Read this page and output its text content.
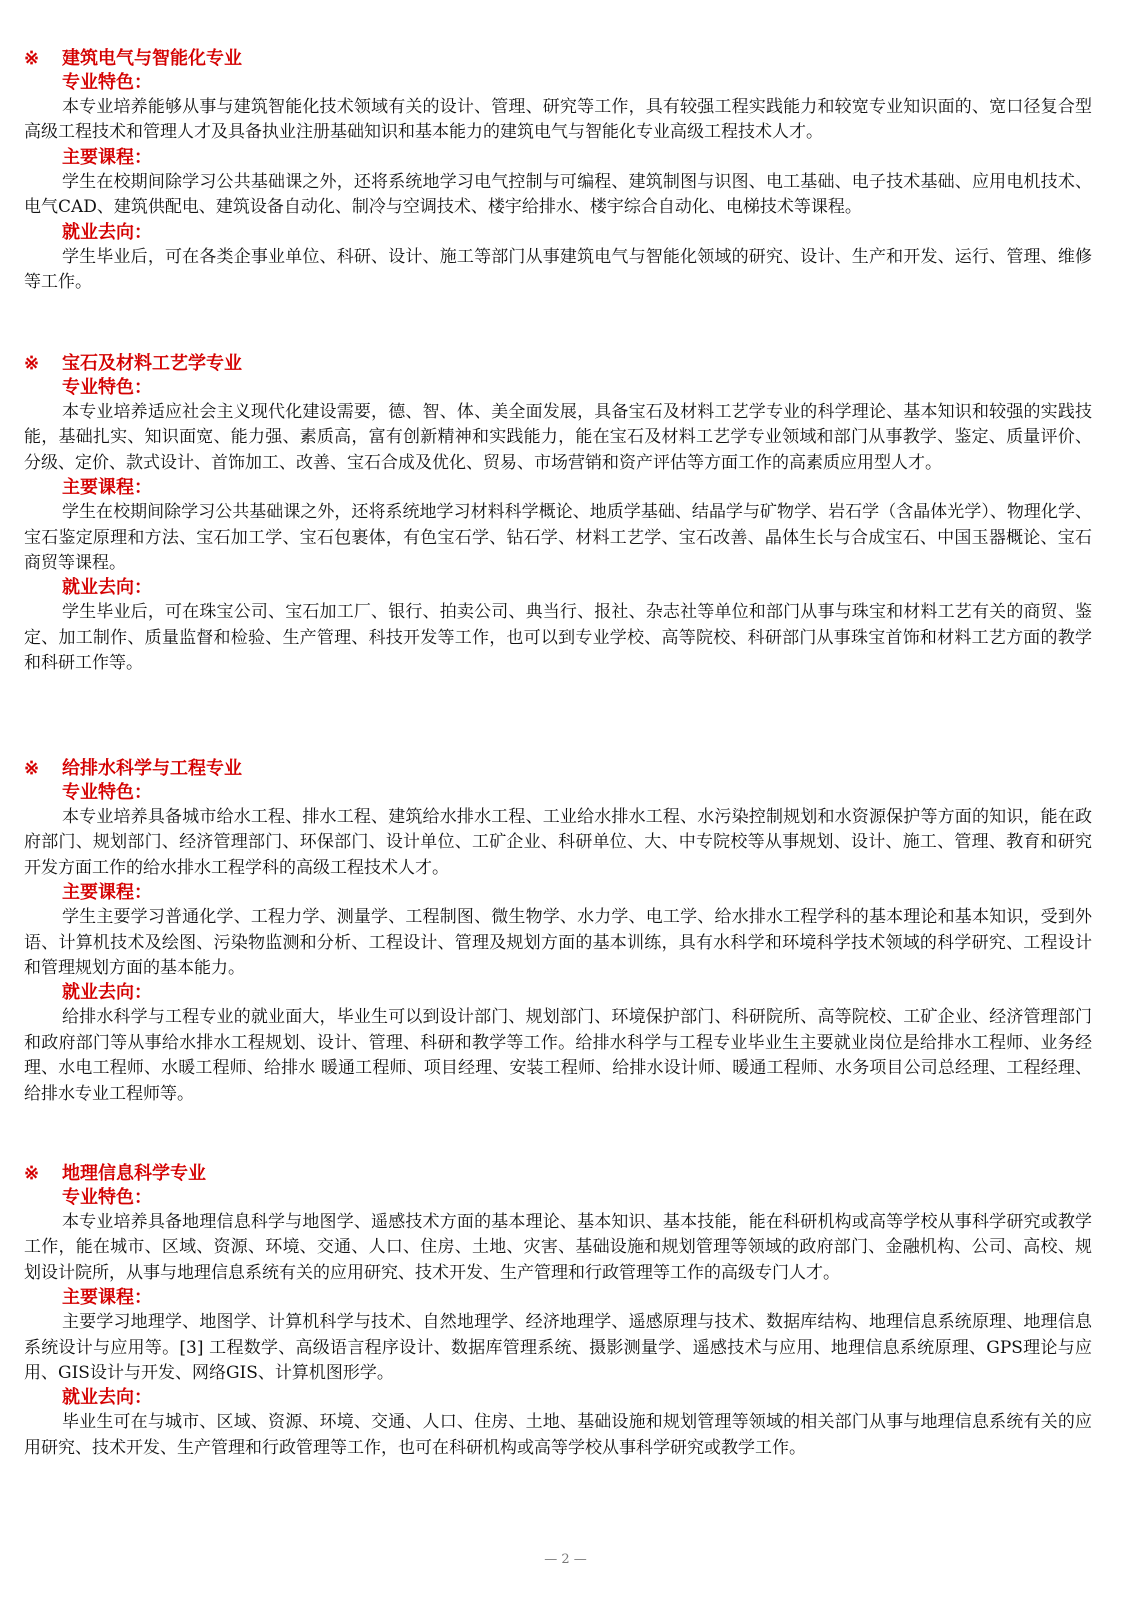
※ 建筑电气与智能化专业
专业特色：

本专业培养能够从事与建筑智能化技术领域有关的设计、管理、研究等工作，具有较强工程实践能力和较宽专业知识面的、宽口径复合型高级工程技术和管理人才及具备执业注册基础知识和基本能力的建筑电气与智能化专业高级工程技术人才。

主要课程：

学生在校期间除学习公共基础课之外，还将系统地学习电气控制与可编程、建筑制图与识图、电工基础、电子技术基础、应用电机技术、电气CAD、建筑供配电、建筑设备自动化、制冷与空调技术、楼宇给排水、楼宇综合自动化、电梯技术等课程。

就业去向：

学生毕业后，可在各类企事业单位、科研、设计、施工等部门从事建筑电气与智能化领域的研究、设计、生产和开发、运行、管理、维修等工作。

※ 宝石及材料工艺学专业
专业特色：

本专业培养适应社会主义现代化建设需要，德、智、体、美全面发展，具备宝石及材料工艺学专业的科学理论、基本知识和较强的实践技能，基础扎实、知识面宽、能力强、素质高，富有创新精神和实践能力，能在宝石及材料工艺学专业领域和部门从事教学、鉴定、质量评价、分级、定价、款式设计、首饰加工、改善、宝石合成及优化、贸易、市场营销和资产评估等方面工作的高素质应用型人才。

主要课程：

学生在校期间除学习公共基础课之外，还将系统地学习材料科学概论、地质学基础、结晶学与矿物学、岩石学（含晶体光学）、物理化学、宝石鉴定原理和方法、宝石加工学、宝石包裹体，有色宝石学、钻石学、材料工艺学、宝石改善、晶体生长与合成宝石、中国玉器概论、宝石商贸等课程。

就业去向：

学生毕业后，可在珠宝公司、宝石加工厂、银行、拍卖公司、典当行、报社、杂志社等单位和部门从事与珠宝和材料工艺有关的商贸、鉴定、加工制作、质量监督和检验、生产管理、科技开发等工作，也可以到专业学校、高等院校、科研部门从事珠宝首饰和材料工艺方面的教学和科研工作等。

※ 给排水科学与工程专业
专业特色：

本专业培养具备城市给水工程、排水工程、建筑给水排水工程、工业给水排水工程、水污染控制规划和水资源保护等方面的知识，能在政府部门、规划部门、经济管理部门、环保部门、设计单位、工矿企业、科研单位、大、中专院校等从事规划、设计、施工、管理、教育和研究开发方面工作的给水排水工程学科的高级工程技术人才。

主要课程：

学生主要学习普通化学、工程力学、测量学、工程制图、微生物学、水力学、电工学、给水排水工程学科的基本理论和基本知识，受到外语、计算机技术及绘图、污染物监测和分析、工程设计、管理及规划方面的基本训练，具有水科学和环境科学技术领域的科学研究、工程设计和管理规划方面的基本能力。

就业去向：

给排水科学与工程专业的就业面大，毕业生可以到设计部门、规划部门、环境保护部门、科研院所、高等院校、工矿企业、经济管理部门和政府部门等从事给水排水工程规划、设计、管理、科研和教学等工作。给排水科学与工程专业毕业生主要就业岗位是给排水工程师、业务经理、水电工程师、水暖工程师、给排水 暖通工程师、项目经理、安装工程师、给排水设计师、暖通工程师、水务项目公司总经理、工程经理、给排水专业工程师等。

※ 地理信息科学专业
专业特色：

本专业培养具备地理信息科学与地图学、遥感技术方面的基本理论、基本知识、基本技能，能在科研机构或高等学校从事科学研究或教学工作，能在城市、区域、资源、环境、交通、人口、住房、土地、灾害、基础设施和规划管理等领域的政府部门、金融机构、公司、高校、规划设计院所，从事与地理信息系统有关的应用研究、技术开发、生产管理和行政管理等工作的高级专门人才。

主要课程：

主要学习地理学、地图学、计算机科学与技术、自然地理学、经济地理学、遥感原理与技术、数据库结构、地理信息系统原理、地理信息系统设计与应用等。[3] 工程数学、高级语言程序设计、数据库管理系统、摄影测量学、遥感技术与应用、地理信息系统原理、GPS理论与应用、GIS设计与开发、网络GIS、计算机图形学。

就业去向：

毕业生可在与城市、区域、资源、环境、交通、人口、住房、土地、基础设施和规划管理等领域的相关部门从事与地理信息系统有关的应用研究、技术开发、生产管理和行政管理等工作，也可在科研机构或高等学校从事科学研究或教学工作。

— 2 —
